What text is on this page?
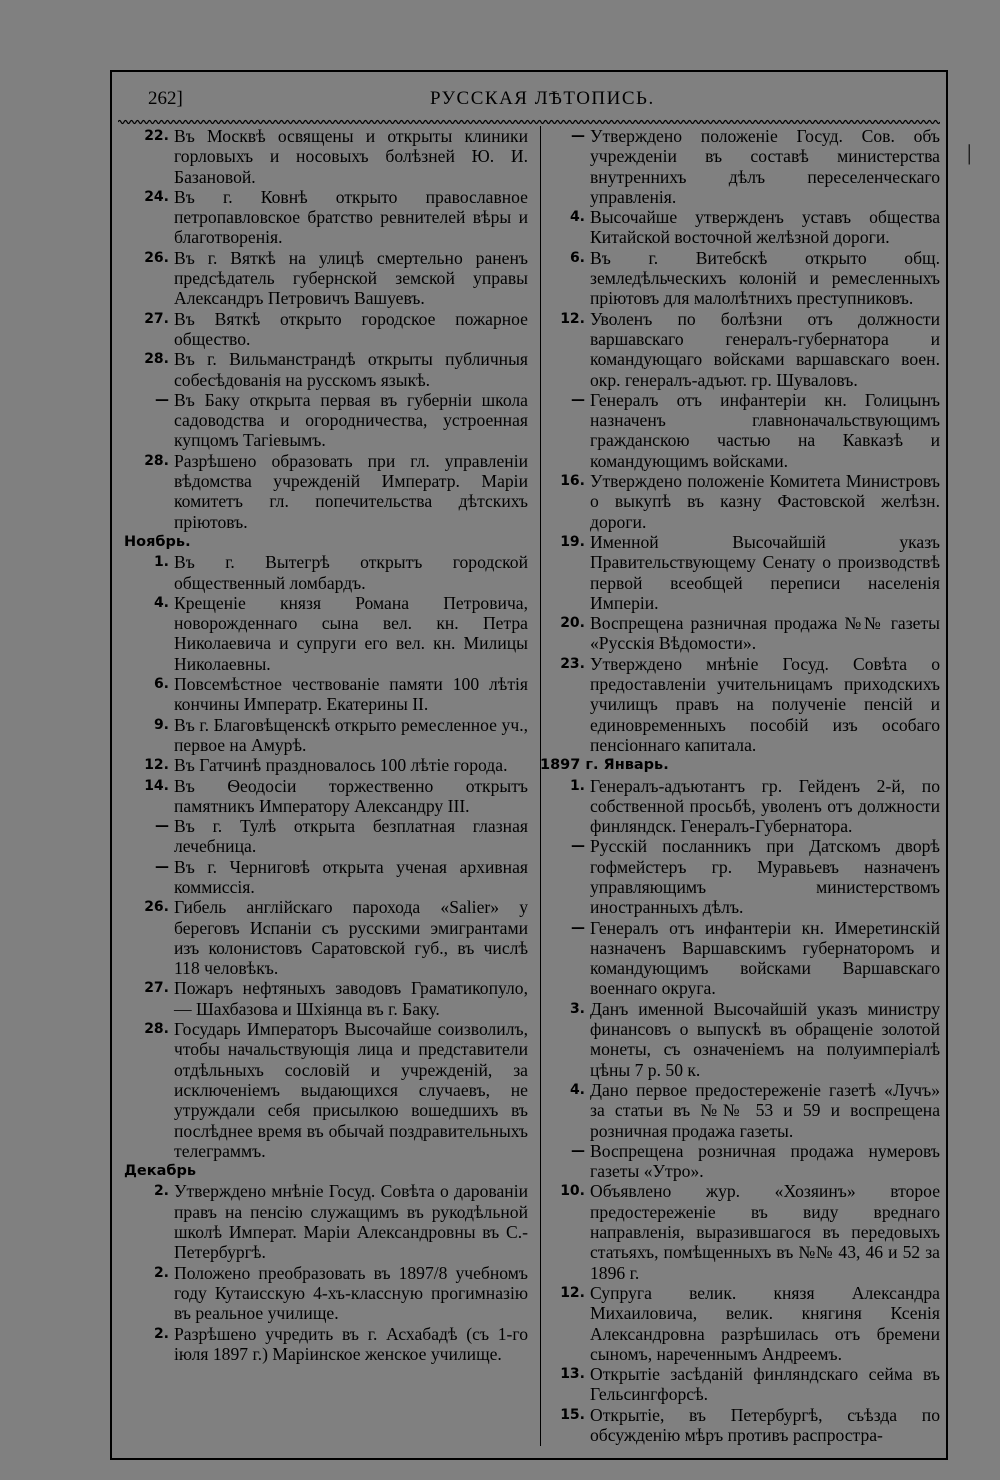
262]	РУССКАЯ ЛѢТОПИСЬ.
22. Въ Москвѣ освящены и открыты клиники горловыхъ и носовыхъ болѣзней Ю. И. Базановой.
24. Въ г. Ковнѣ открыто православное петропавловское братство ревнителей вѣры и благотворенія.
26. Въ г. Вяткѣ на улицѣ смертельно раненъ предсѣдатель губернской земской управы Александръ Петровичъ Вашуевъ.
27. Въ Вяткѣ открыто городское пожарное общество.
28. Въ г. Вильманстрандѣ открыты публичныя собесѣдованія на русскомъ языкѣ.
— Въ Баку открыта первая въ губерніи школа садоводства и огородничества, устроенная купцомъ Тагіевымъ.
28. Разрѣшено образовать при гл. управленіи вѣдомства учрежденій Императр. Маріи комитетъ гл. попечительства дѣтскихъ пріютовъ.
Ноябрь.
1. Въ г. Вытегрѣ открытъ городской общественный ломбардъ.
4. Крещеніе князя Романа Петровича, новорожденнаго сына вел. кн. Петра Николаевича и супруги его вел. кн. Милицы Николаевны.
6. Повсемѣстное чествованіе памяти 100 лѣтія кончины Императр. Екатерины II.
9. Въ г. Благовѣщенскѣ открыто ремесленное уч., первое на Амурѣ.
12. Въ Гатчинѣ праздновалось 100 лѣтіе города.
14. Въ Ѳеодосіи торжественно открытъ памятникъ Императору Александру III.
— Въ г. Тулѣ открыта безплатная глазная лечебница.
— Въ г. Черниговѣ открыта ученая архивная коммиссія.
26. Гибель англійскаго парохода «Salier» у береговъ Испаніи съ русскими эмигрантами изъ колонистовъ Саратовской губ., въ числѣ 118 человѣкъ.
27. Пожаръ нефтяныхъ заводовъ Граматикопуло, — Шахбазова и Шхіянца въ г. Баку.
28. Государь Императоръ Высочайше соизволилъ, чтобы начальствующія лица и представители отдѣльныхъ сословій и учрежденій, за исключеніемъ выдающихся случаевъ, не утруждали себя присылкою вошедшихъ въ послѣднее время въ обычай поздравительныхъ телеграммъ.
Декабрь
2. Утверждено мнѣніе Госуд. Совѣта о дарованіи правъ на пенсію служащимъ въ рукодѣльной школѣ Императ. Маріи Александровны въ С.-Петербургѣ.
2. Положено преобразовать въ 1897/8 учебномъ году Кутаисскую 4-хъ-классную прогимназію въ реальное училище.
2. Разрѣшено учредить въ г. Асхабадѣ (съ 1-го іюля 1897 г.) Маріинское женское училище.
— Утверждено положеніе Госуд. Сов. объ учрежденіи въ составѣ министерства внутреннихъ дѣлъ переселенческаго управленія.
4. Высочайше утвержденъ уставъ общества Китайской восточной желѣзной дороги.
6. Въ г. Витебскѣ открыто общ. земледѣльческихъ колоній и ремесленныхъ пріютовъ для малолѣтнихъ преступниковъ.
12. Уволенъ по болѣзни отъ должности варшавскаго генералъ-губернатора и командующаго войсками варшавскаго воен. окр. генералъ-адъют. гр. Шуваловъ.
— Генералъ отъ инфантеріи кн. Голицынъ назначенъ главноначальствующимъ гражданскою частью на Кавказѣ и командующимъ войсками.
16. Утверждено положеніе Комитета Министровъ о выкупѣ въ казну Фастовской желѣзн. дороги.
19. Именной Высочайшій указъ Правительствующему Сенату о производствѣ первой всеобщей переписи населенія Имперіи.
20. Воспрещена разничная продажа №№ газеты «Русскія Вѣдомости».
23. Утверждено мнѣніе Госуд. Совѣта о предоставленіи учительницамъ приходскихъ училищъ правъ на полученіе пенсій и единовременныхъ пособій изъ особаго пенсіоннаго капитала.
1897 г. Январь.
1. Генералъ-адъютантъ гр. Гейденъ 2-й, по собственной просьбѣ, уволенъ отъ должности финляндск. Генералъ-Губернатора.
— Русскій посланникъ при Датскомъ дворѣ гофмейстеръ гр. Муравьевъ назначенъ управляющимъ министерствомъ иностранныхъ дѣлъ.
— Генералъ отъ инфантеріи кн. Имеретинскій назначенъ Варшавскимъ губернаторомъ и командующимъ войсками Варшавскаго военнаго округа.
3. Данъ именной Высочайшій указъ министру финансовъ о выпускѣ въ обращеніе золотой монеты, съ означеніемъ на полуимперіалѣ цѣны 7 р. 50 к.
4. Дано первое предостереженіе газетѣ «Лучъ» за статьи въ №№ 53 и 59 и воспрещена розничная продажа газеты.
— Воспрещена розничная продажа нумеровъ газеты «Утро».
10. Объявлено жур. «Хозяинъ» второе предостереженіе въ виду вреднаго направленія, выразившагося въ передовыхъ статьяхъ, помѣщенныхъ въ №№ 43, 46 и 52 за 1896 г.
12. Супруга велик. князя Александра Михаиловича, велик. княгиня Ксенія Александровна разрѣшилась отъ бремени сыномъ, нареченнымъ Андреемъ.
13. Открытіе засѣданій финляндскаго сейма въ Гельсингфорсѣ.
15. Открытіе, въ Петербургѣ, съѣзда по обсужденію мѣръ противъ распростра-
|
